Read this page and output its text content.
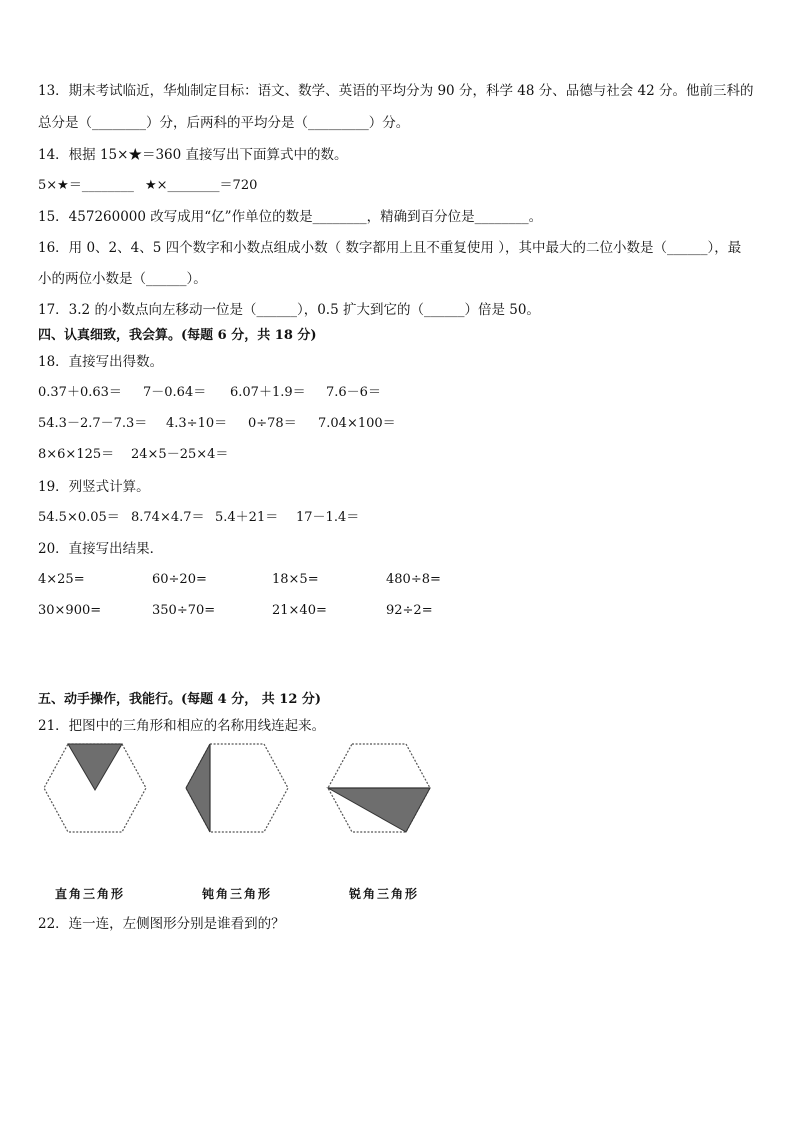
13．期末考试临近，华灿制定目标：语文、数学、英语的平均分为 90 分，科学 48 分、品德与社会 42 分。他前三科的
总分是（________）分，后两科的平均分是（_________）分。
14．根据 15×★＝360 直接写出下面算式中的数。
5×★＝________ ★×________＝720
15．457260000 改写成用“亿”作单位的数是________，精确到百分位是________。
16．用 0、2、4、5 四个数字和小数点组成小数（ 数字都用上且不重复使用 ），其中最大的二位小数是（______），最
小的两位小数是（______）。
17．3.2 的小数点向左移动一位是（______），0.5 扩大到它的（______）倍是 50。
四、认真细致，我会算。(每题 6 分，共 18 分)
18．直接写出得数。
0.37＋0.63＝ 7－0.64＝ 6.07＋1.9＝ 7.6－6＝
54.3－2.7－7.3＝ 4.3÷10＝ 0÷78＝ 7.04×100＝
8×6×125＝ 24×5－25×4＝
19．列竖式计算。
54.5×0.05＝ 8.74×4.7＝ 5.4＋21＝ 17－1.4＝
20．直接写出结果．
4×25=	60÷20=	18×5=	480÷8=
30×900=	350÷70=	21×40=	92÷2=
五、动手操作，我能行。(每题 4 分， 共 12 分)
21．把图中的三角形和相应的名称用线连起来。
直角三角形	钝角三角形	锐角三角形
22．连一连，左侧图形分别是谁看到的？
